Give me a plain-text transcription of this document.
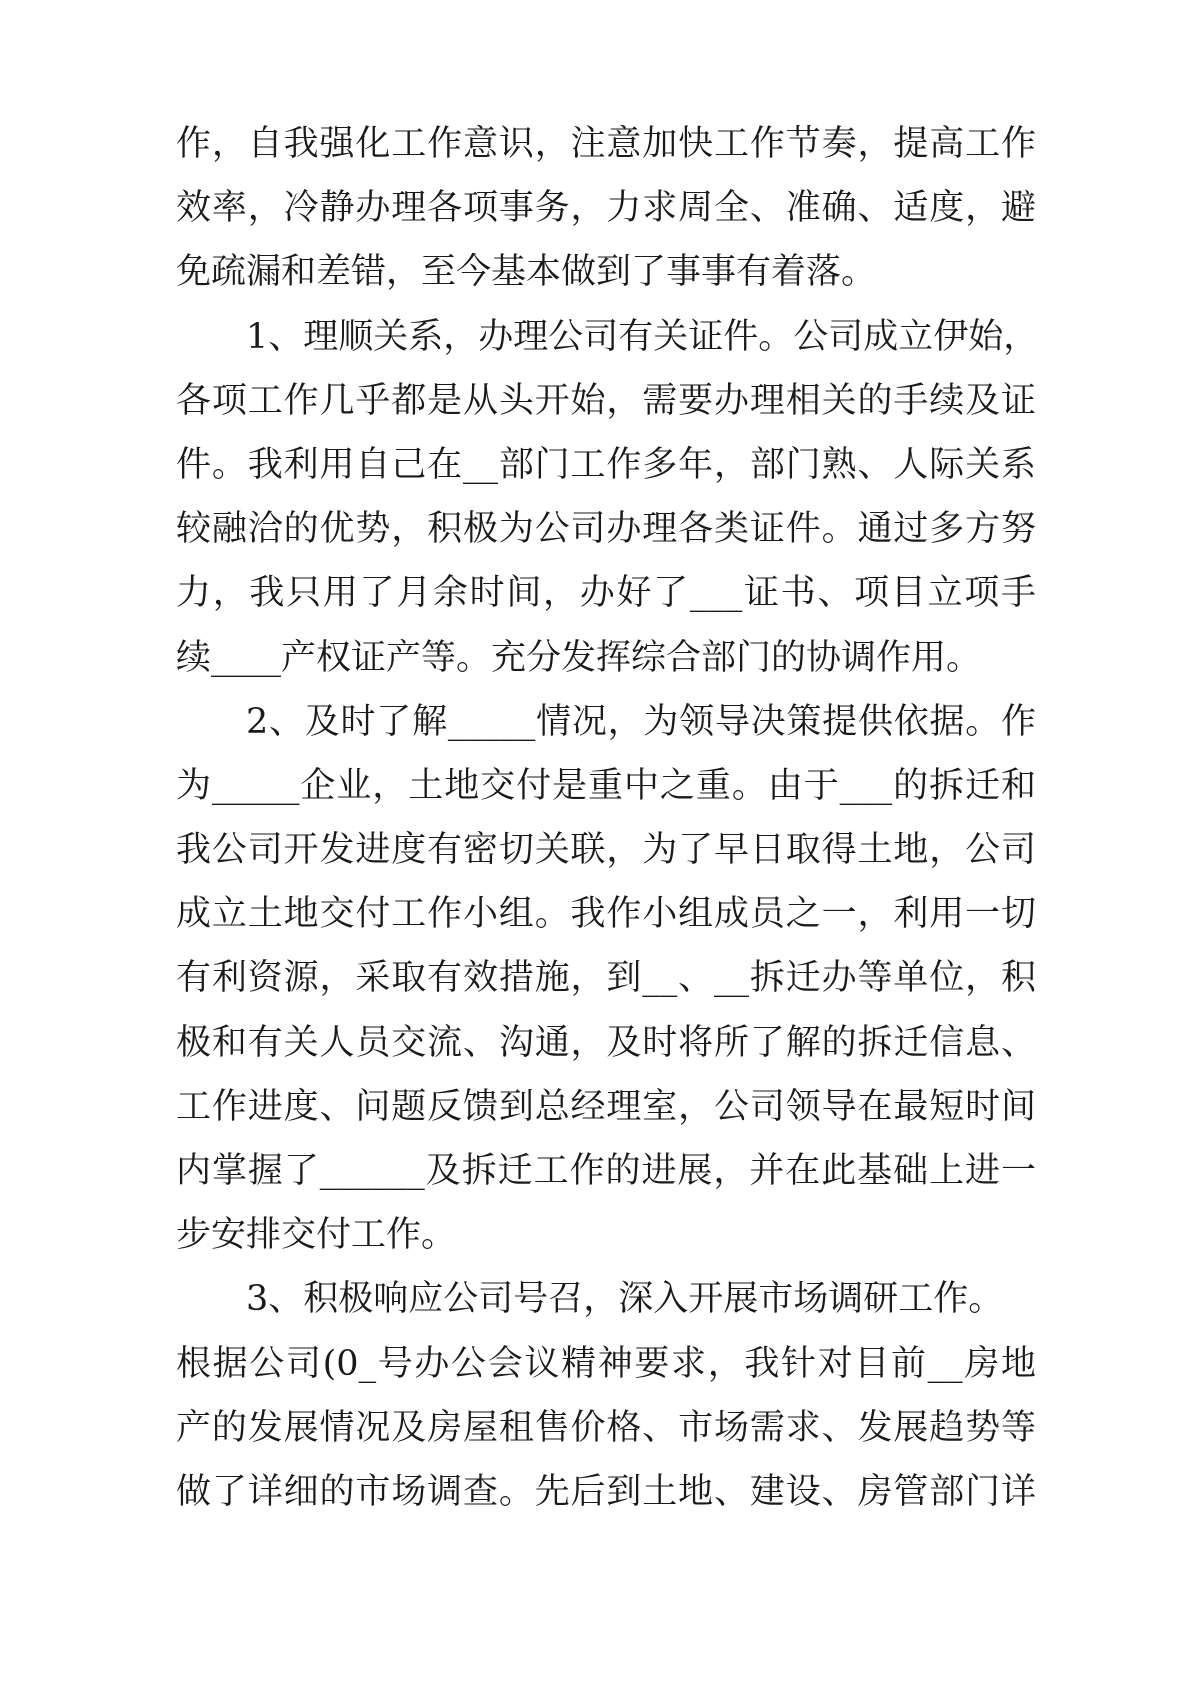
作，自我强化工作意识，注意加快工作节奏，提高工作
效率，冷静办理各项事务，力求周全、准确、适度，避
免疏漏和差错，至今基本做到了事事有着落。
1、理顺关系，办理公司有关证件。公司成立伊始，
各项工作几乎都是从头开始，需要办理相关的手续及证
件。我利用自己在__部门工作多年，部门熟、人际关系
较融洽的优势，积极为公司办理各类证件。通过多方努
力，我只用了月余时间，办好了___证书、项目立项手
续____产权证产等。充分发挥综合部门的协调作用。
2、及时了解_____情况，为领导决策提供依据。作
为_____企业，土地交付是重中之重。由于___的拆迁和
我公司开发进度有密切关联，为了早日取得土地，公司
成立土地交付工作小组。我作小组成员之一，利用一切
有利资源，采取有效措施，到__、__拆迁办等单位，积
极和有关人员交流、沟通，及时将所了解的拆迁信息、
工作进度、问题反馈到总经理室，公司领导在最短时间
内掌握了______及拆迁工作的进展，并在此基础上进一
步安排交付工作。
3、积极响应公司号召，深入开展市场调研工作。
根据公司(0_号办公会议精神要求，我针对目前__房地
产的发展情况及房屋租售价格、市场需求、发展趋势等
做了详细的市场调查。先后到土地、建设、房管部门详
